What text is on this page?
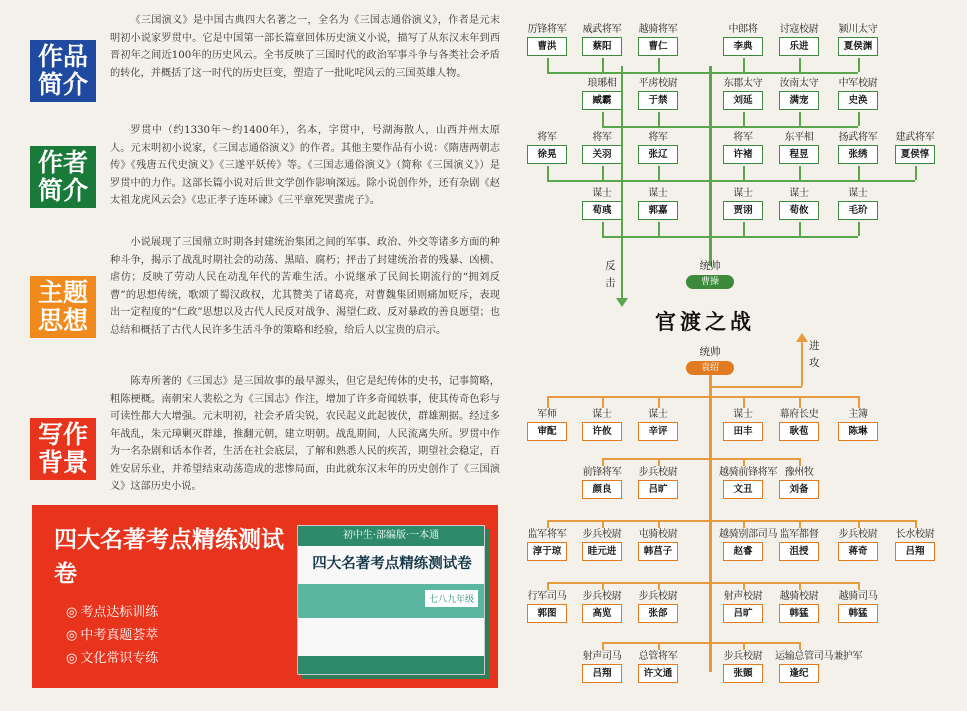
作品
简介
《三国演义》是中国古典四大名著之一，全名为《三国志通俗演义》，作者是元末明初小说家罗贯中。它是中国第一部长篇章回体历史演义小说，描写了从东汉末年到西晋初年之间近100年的历史风云。全书反映了三国时代的政治军事斗争与各类社会矛盾的转化，并概括了这一时代的历史巨变，塑造了一批叱咤风云的三国英雄人物。
作者
简介
罗贯中（约1330年～约1400年），名本，字贯中，号湖海散人，山西并州太原人。元末明初小说家，《三国志通俗演义》的作者。其他主要作品有小说：《隋唐两朝志传》《残唐五代史演义》《三遂平妖传》等。《三国志通俗演义》（简称《三国演义》）是罗贯中的力作。这部长篇小说对后世文学创作影响深远。除小说创作外，还有杂剧《赵太祖龙虎风云会》《忠正孝子连环谏》《三平章死哭蜚虎子》。
主题
思想
小说展现了三国鼎立时期各封建统治集团之间的军事、政治、外交等诸多方面的种种斗争，揭示了战乱时期社会的动荡、黑暗、腐朽；抨击了封建统治者的残暴、凶横、虐仿；反映了劳动人民在动乱年代的苦难生活。小说继承了民间长期流行的“拥刘反曹”的思想传统，歌颂了蜀汉政权，尤其赞美了诸葛亮，对曹魏集团则痛加贬斥，表现出一定程度的“仁政”思想以及古代人民反对战争、渴望仁政、反对暴政的善良愿望；也总结和概括了古代人民许多生活斗争的策略和经验，给后人以宝贵的启示。
写作
背景
陈寿所著的《三国志》是三国故事的最早源头，但它是纪传体的史书，记事简略，粗陈梗概。南朝宋人裴松之为《三国志》作注，增加了许多奇闻轶事，使其传奇色彩与可读性都大大增强。元末明初，社会矛盾尖锐，农民起义此起彼伏，群雄割据。经过多年战乱，朱元璋剿灭群雄，推翻元朝，建立明朝。战乱期间，人民流离失所。罗贯中作为一名杂剧和话本作者，生活在社会底层，了解和熟悉人民的疾苦，期望社会稳定，百姓安居乐业，并希望结束动荡造成的悲惨局面，由此就东汉末年的历史创作了《三国演义》这部历史小说。
四大名著考点精练测试卷
◎ 考点达标训练
◎ 中考真题荟萃
◎ 文化常识专练
初中生·部编版·一本通
四大名著考点精练测试卷
七八九年级
官渡之战
厉锋将军
曹洪
威武将军
蔡阳
越骑将军
曹仁
中郎将
李典
讨寇校尉
乐进
颍川太守
夏侯渊
琅琊相
臧霸
平虏校尉
于禁
东郡太守
刘延
汝南太守
满宠
中军校尉
史涣
将军
徐晃
将军
关羽
将军
张辽
将军
许褚
东平相
程昱
扬武将军
张绣
建武将军
夏侯惇
谋士
荀彧
谋士
郭嘉
谋士
贾诩
谋士
荀攸
谋士
毛玠
统帅
曹操
反击
统帅
袁绍
进攻
军师
审配
谋士
许攸
谋士
辛评
谋士
田丰
幕府长史
耿苞
主簿
陈琳
前锋将军
颜良
步兵校尉
吕旷
越骑前锋将军
文丑
豫州牧
刘备
监军将军
淳于琼
步兵校尉
眭元进
屯骑校尉
韩莒子
越骑别部司马
赵睿
监军都督
沮授
步兵校尉
蒋奇
长水校尉
吕翔
行军司马
郭图
步兵校尉
高览
步兵校尉
张郃
射声校尉
吕旷
越骑校尉
韩猛
越骑司马
韩猛
射声司马
吕翔
总管将军
许文通
步兵校尉
张顗
运输总管司马兼护军
逢纪
